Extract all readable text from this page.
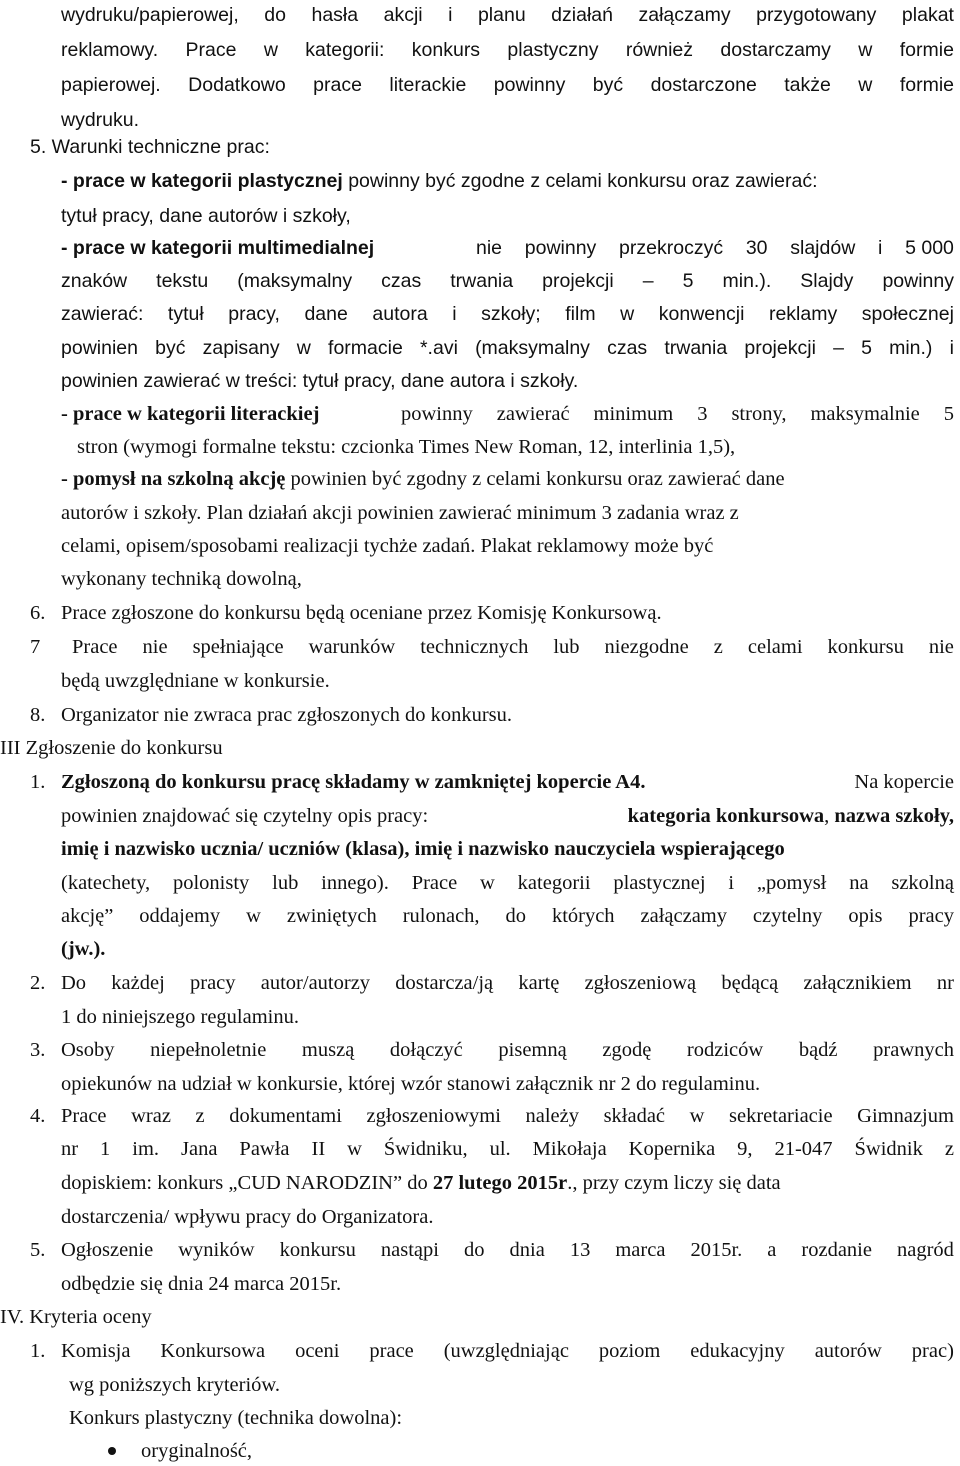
wydruku/papierowej, do hasła akcji i planu działań załączamy przygotowany plakat
reklamowy. Prace w kategorii: konkurs plastyczny również dostarczamy w formie
papierowej. Dodatkowo prace literackie powinny być dostarczone także w formie
wydruku.
5. Warunki techniczne prac:
- prace w kategorii plastycznej powinny być zgodne z celami konkursu oraz zawierać:
tytuł pracy, dane autorów i szkoły,
- prace w kategorii multimedialnej	nie powinny przekroczyć 30 slajdów i 5 000
znaków tekstu (maksymalny czas trwania projekcji – 5 min.). Slajdy powinny
zawierać: tytuł pracy, dane autora i szkoły; film w konwencji reklamy społecznej
powinien być zapisany w formacie *.avi (maksymalny czas trwania projekcji – 5 min.) i
powinien zawierać w treści: tytuł pracy, dane autora i szkoły.
- prace w kategorii literackiej	powinny zawierać minimum 3 strony, maksymalnie 5
stron (wymogi formalne tekstu: czcionka Times New Roman, 12, interlinia 1,5),
- pomysł na szkolną akcję powinien być zgodny z celami konkursu oraz zawierać dane
autorów i szkoły. Plan działań akcji powinien zawierać minimum 3 zadania wraz z
celami, opisem/sposobami realizacji tychże zadań. Plakat reklamowy może być
wykonany techniką dowolną,
6. Prace zgłoszone do konkursu będą oceniane przez Komisję Konkursową.
7 Prace nie spełniające warunków technicznych lub niezgodne z celami konkursu nie
będą uwzględniane w konkursie.
8. Organizator nie zwraca prac zgłoszonych do konkursu.
III Zgłoszenie do konkursu
1. Zgłoszoną do konkursu pracę składamy w zamkniętej kopercie A4.	Na kopercie
powinien znajdować się czytelny opis pracy:	kategoria konkursowa, nazwa szkoły,
imię i nazwisko ucznia/ uczniów (klasa), imię i nazwisko nauczyciela wspierającego
(katechety, polonisty lub innego). Prace w kategorii plastycznej i „pomysł na szkolną
akcję” oddajemy w zwiniętych rulonach, do których załączamy czytelny opis pracy
(jw.).
2. Do każdej pracy autor/autorzy dostarcza/ją kartę zgłoszeniową będącą załącznikiem nr
1 do niniejszego regulaminu.
3. Osoby niepełnoletnie muszą dołączyć pisemną zgodę rodziców bądź prawnych
opiekunów na udział w konkursie, której wzór stanowi załącznik nr 2 do regulaminu.
4. Prace wraz z dokumentami zgłoszeniowymi należy składać w sekretariacie Gimnazjum
nr 1 im. Jana Pawła II w Świdniku, ul. Mikołaja Kopernika 9, 21-047 Świdnik z
dopiskiem: konkurs „CUD NARODZIN” do 27 lutego 2015r., przy czym liczy się data
dostarczenia/ wpływu pracy do Organizatora.
5. Ogłoszenie wyników konkursu nastąpi do dnia 13 marca 2015r. a rozdanie nagród
odbędzie się dnia 24 marca 2015r.
IV. Kryteria oceny
1. Komisja Konkursowa oceni prace (uwzględniając poziom edukacyjny autorów prac)
wg poniższych kryteriów.
Konkurs plastyczny (technika dowolna):
oryginalność,
